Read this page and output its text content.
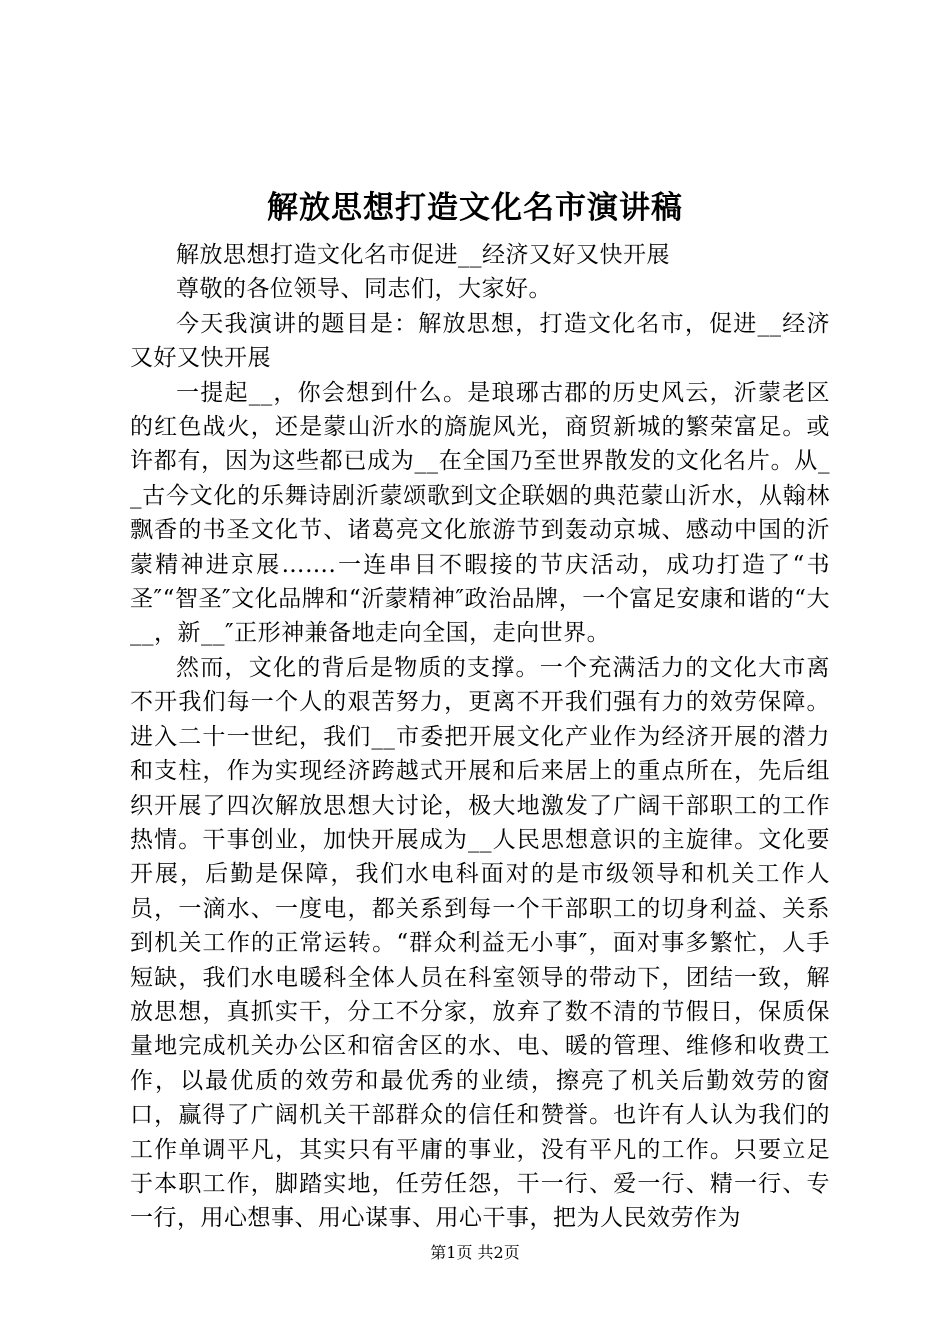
解放思想打造文化名市演讲稿

解放思想打造文化名市促进__经济又好又快开展

尊敬的各位领导、同志们，大家好。

今天我演讲的题目是：解放思想，打造文化名市，促进__经济又好又快开展

一提起__，你会想到什么。是琅琊古郡的历史风云，沂蒙老区的红色战火，还是蒙山沂水的旖旎风光，商贸新城的繁荣富足。或许都有，因为这些都已成为__在全国乃至世界散发的文化名片。从__古今文化的乐舞诗剧沂蒙颂歌到文企联姻的典范蒙山沂水，从翰林飘香的书圣文化节、诸葛亮文化旅游节到轰动京城、感动中国的沂蒙精神进京展…….一连串目不暇接的节庆活动，成功打造了“书圣″“智圣″文化品牌和“沂蒙精神″政治品牌，一个富足安康和谐的“大__，新__″正形神兼备地走向全国，走向世界。

然而，文化的背后是物质的支撑。一个充满活力的文化大市离不开我们每一个人的艰苦努力，更离不开我们强有力的效劳保障。进入二十一世纪，我们__市委把开展文化产业作为经济开展的潜力和支柱，作为实现经济跨越式开展和后来居上的重点所在，先后组织开展了四次解放思想大讨论，极大地激发了广阔干部职工的工作热情。干事创业，加快开展成为__人民思想意识的主旋律。文化要开展，后勤是保障，我们水电科面对的是市级领导和机关工作人员，一滴水、一度电，都关系到每一个干部职工的切身利益、关系到机关工作的正常运转。“群众利益无小事″，面对事多繁忙，人手短缺，我们水电暖科全体人员在科室领导的带动下，团结一致，解放思想，真抓实干，分工不分家，放弃了数不清的节假日，保质保量地完成机关办公区和宿舍区的水、电、暖的管理、维修和收费工作，以最优质的效劳和最优秀的业绩，擦亮了机关后勤效劳的窗口，赢得了广阔机关干部群众的信任和赞誉。也许有人认为我们的工作单调平凡，其实只有平庸的事业，没有平凡的工作。只要立足于本职工作，脚踏实地，任劳任怨，干一行、爱一行、精一行、专一行，用心想事、用心谋事、用心干事，把为人民效劳作为

第1页 共2页
